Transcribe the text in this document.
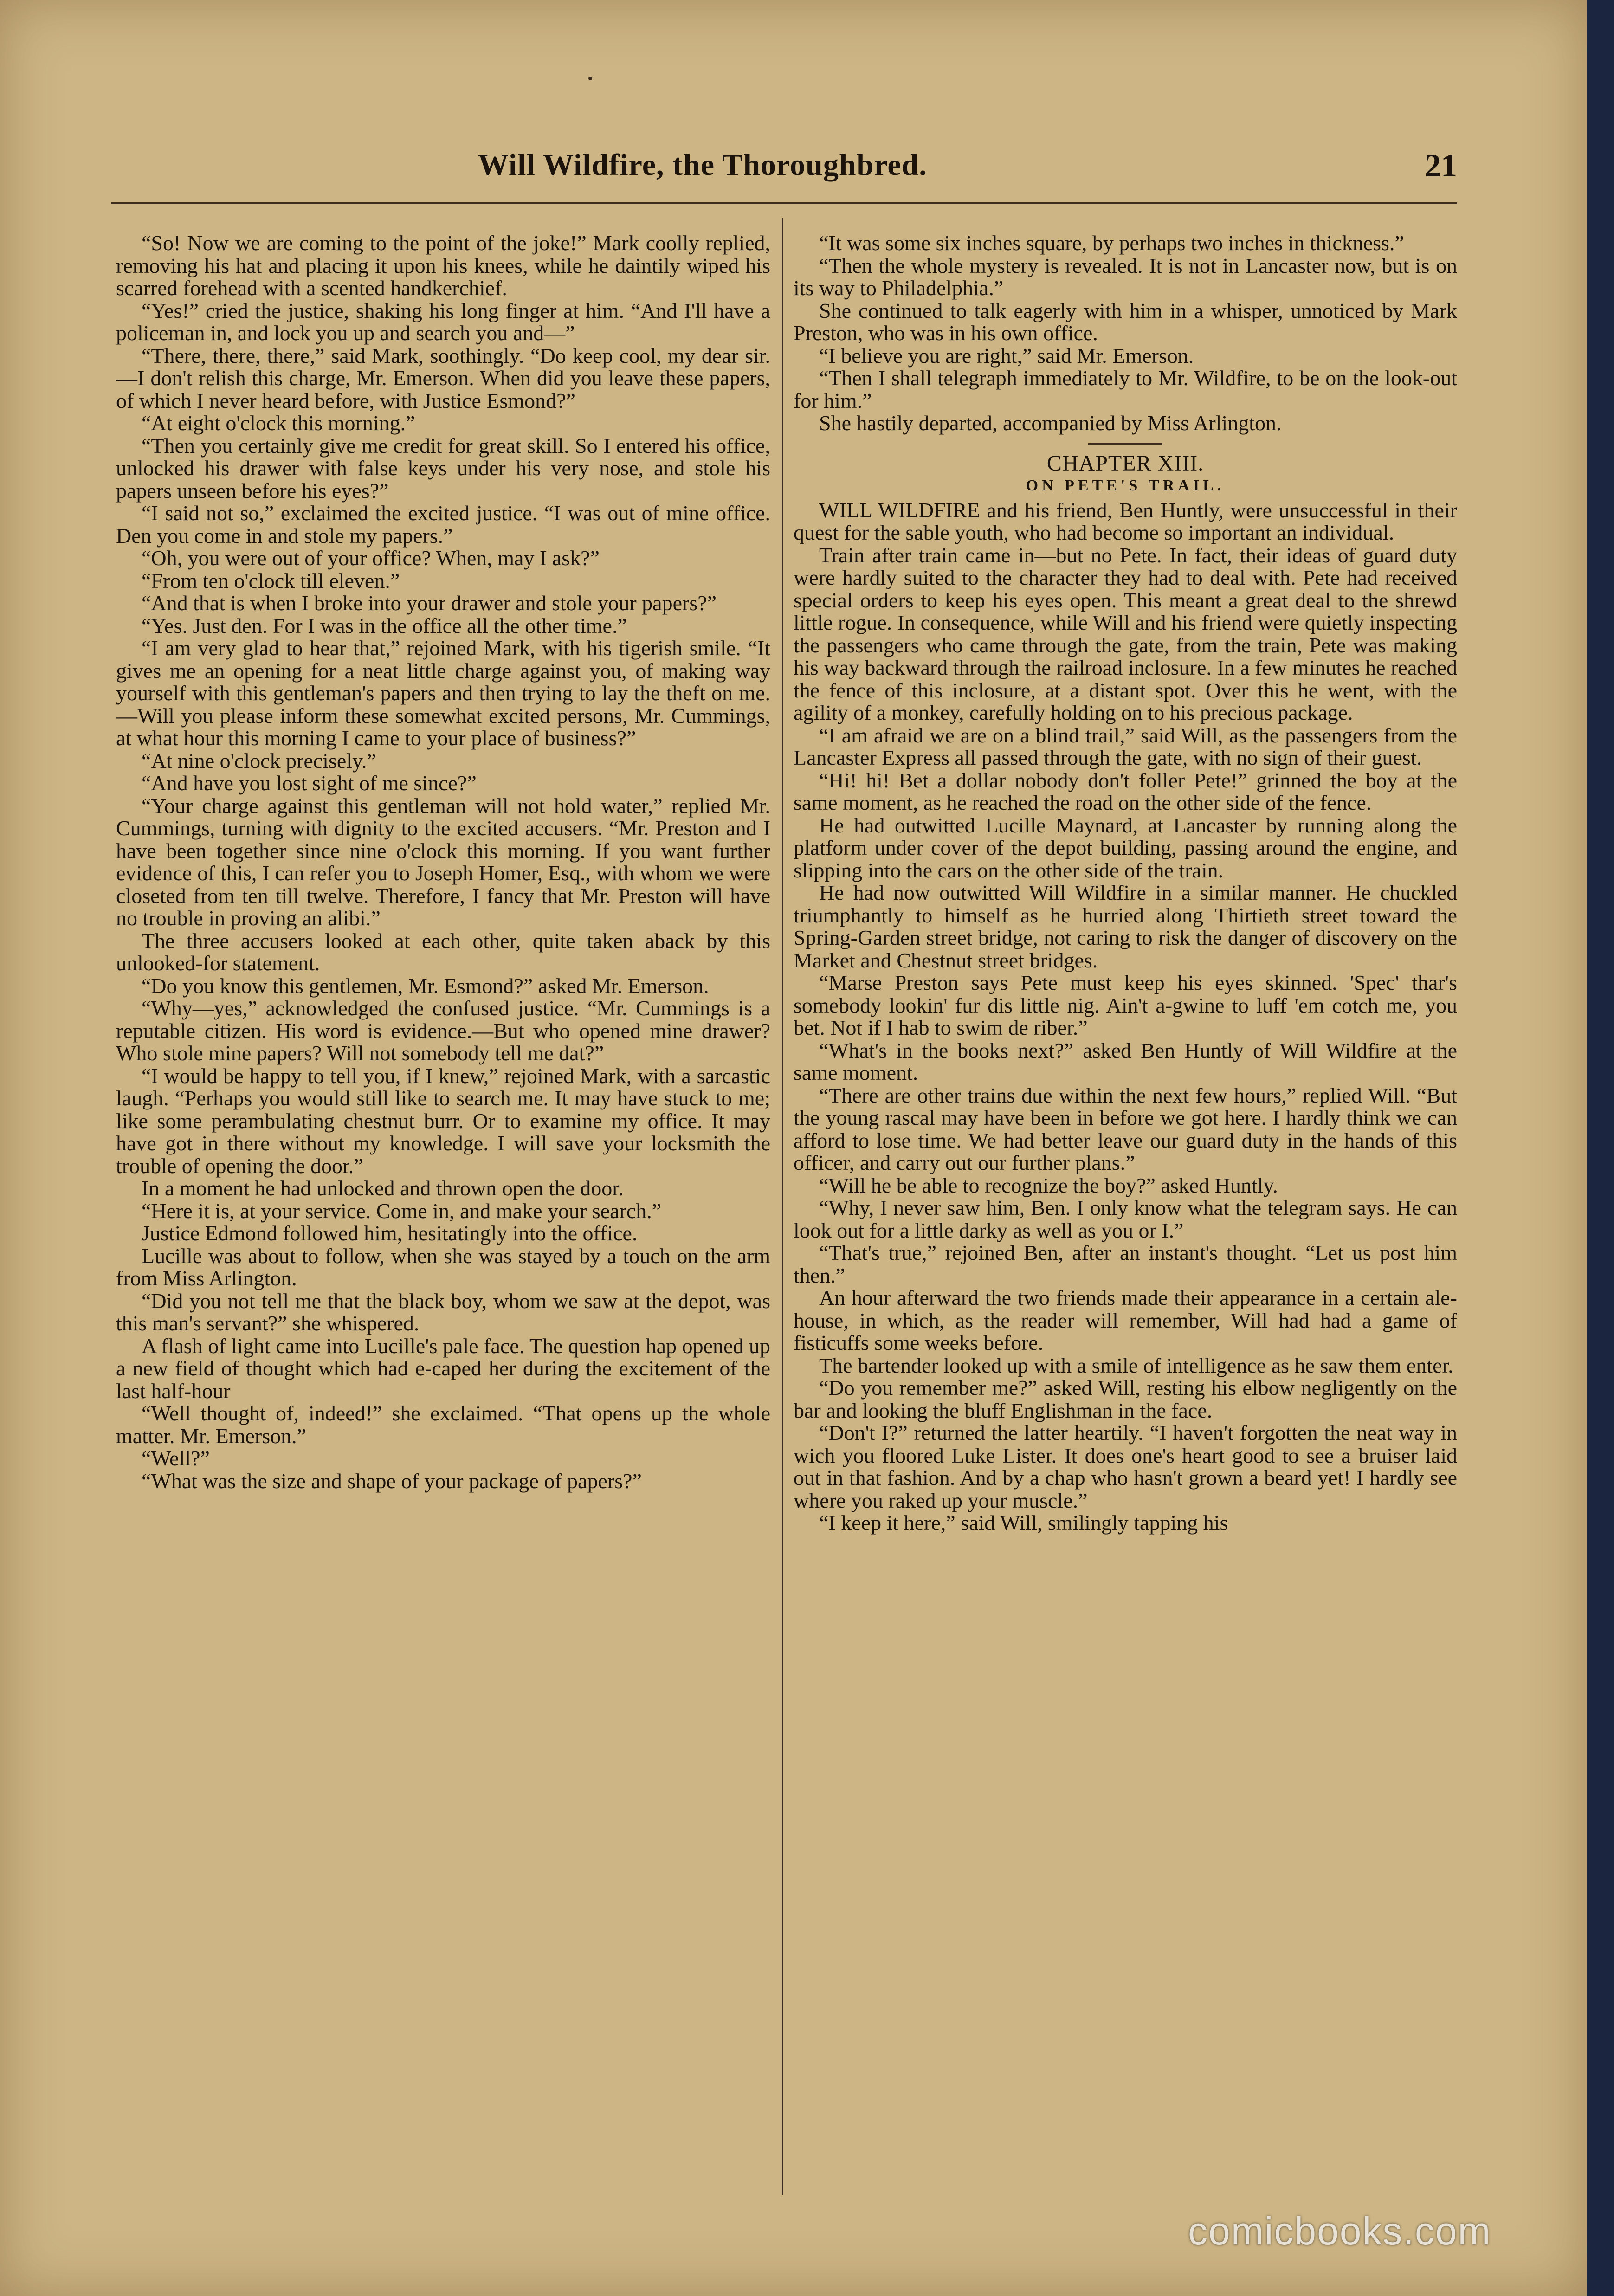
Will Wildfire, the Thoroughbred.	21

“So! Now we are coming to the point of the joke!” Mark coolly replied, removing his hat and placing it upon his knees, while he daintily wiped his scarred forehead with a scented handkerchief.

“Yes!” cried the justice, shaking his long finger at him. “And I'll have a policeman in, and lock you up and search you and—”

“There, there, there,” said Mark, soothingly. “Do keep cool, my dear sir.—I don't relish this charge, Mr. Emerson. When did you leave these papers, of which I never heard before, with Justice Esmond?”

“At eight o'clock this morning.”

“Then you certainly give me credit for great skill. So I entered his office, unlocked his drawer with false keys under his very nose, and stole his papers unseen before his eyes?”

“I said not so,” exclaimed the excited justice. “I was out of mine office. Den you come in and stole my papers.”

“Oh, you were out of your office? When, may I ask?”

“From ten o'clock till eleven.”

“And that is when I broke into your drawer and stole your papers?”

“Yes. Just den. For I was in the office all the other time.”

“I am very glad to hear that,” rejoined Mark, with his tigerish smile. “It gives me an opening for a neat little charge against you, of making way yourself with this gentleman's papers and then trying to lay the theft on me.—Will you please inform these somewhat excited persons, Mr. Cummings, at what hour this morning I came to your place of business?”

“At nine o'clock precisely.”

“And have you lost sight of me since?”

“Your charge against this gentleman will not hold water,” replied Mr. Cummings, turning with dignity to the excited accusers. “Mr. Preston and I have been together since nine o'clock this morning. If you want further evidence of this, I can refer you to Joseph Homer, Esq., with whom we were closeted from ten till twelve. Therefore, I fancy that Mr. Preston will have no trouble in proving an alibi.”

The three accusers looked at each other, quite taken aback by this unlooked-for statement.

“Do you know this gentlemen, Mr. Esmond?” asked Mr. Emerson.

“Why—yes,” acknowledged the confused justice. “Mr. Cummings is a reputable citizen. His word is evidence.—But who opened mine drawer? Who stole mine papers? Will not somebody tell me dat?”

“I would be happy to tell you, if I knew,” rejoined Mark, with a sarcastic laugh. “Perhaps you would still like to search me. It may have stuck to me; like some perambulating chestnut burr. Or to examine my office. It may have got in there without my knowledge. I will save your locksmith the trouble of opening the door.”

In a moment he had unlocked and thrown open the door.

“Here it is, at your service. Come in, and make your search.”

Justice Edmond followed him, hesitatingly into the office.

Lucille was about to follow, when she was stayed by a touch on the arm from Miss Arlington.

“Did you not tell me that the black boy, whom we saw at the depot, was this man's servant?” she whispered.

A flash of light came into Lucille's pale face. The question hap opened up a new field of thought which had e-caped her during the excitement of the last half-hour

“Well thought of, indeed!” she exclaimed. “That opens up the whole matter. Mr. Emerson.”

“Well?”

“What was the size and shape of your package of papers?”

“It was some six inches square, by perhaps two inches in thickness.”

“Then the whole mystery is revealed. It is not in Lancaster now, but is on its way to Philadelphia.”

She continued to talk eagerly with him in a whisper, unnoticed by Mark Preston, who was in his own office.

“I believe you are right,” said Mr. Emerson.

“Then I shall telegraph immediately to Mr. Wildfire, to be on the look-out for him.”

She hastily departed, accompanied by Miss Arlington.

CHAPTER XIII.

ON PETE'S TRAIL.

WILL WILDFIRE and his friend, Ben Huntly, were unsuccessful in their quest for the sable youth, who had become so important an individual.

Train after train came in—but no Pete. In fact, their ideas of guard duty were hardly suited to the character they had to deal with. Pete had received special orders to keep his eyes open. This meant a great deal to the shrewd little rogue. In consequence, while Will and his friend were quietly inspecting the passengers who came through the gate, from the train, Pete was making his way backward through the railroad inclosure. In a few minutes he reached the fence of this inclosure, at a distant spot. Over this he went, with the agility of a monkey, carefully holding on to his precious package.

“I am afraid we are on a blind trail,” said Will, as the passengers from the Lancaster Express all passed through the gate, with no sign of their guest.

“Hi! hi! Bet a dollar nobody don't foller Pete!” grinned the boy at the same moment, as he reached the road on the other side of the fence.

He had outwitted Lucille Maynard, at Lancaster by running along the platform under cover of the depot building, passing around the engine, and slipping into the cars on the other side of the train.

He had now outwitted Will Wildfire in a similar manner. He chuckled triumphantly to himself as he hurried along Thirtieth street toward the Spring-Garden street bridge, not caring to risk the danger of discovery on the Market and Chestnut street bridges.

“Marse Preston says Pete must keep his eyes skinned. 'Spec' thar's somebody lookin' fur dis little nig. Ain't a-gwine to luff 'em cotch me, you bet. Not if I hab to swim de riber.”

“What's in the books next?” asked Ben Huntly of Will Wildfire at the same moment.

“There are other trains due within the next few hours,” replied Will. “But the young rascal may have been in before we got here. I hardly think we can afford to lose time. We had better leave our guard duty in the hands of this officer, and carry out our further plans.”

“Will he be able to recognize the boy?” asked Huntly.

“Why, I never saw him, Ben. I only know what the telegram says. He can look out for a little darky as well as you or I.”

“That's true,” rejoined Ben, after an instant's thought. “Let us post him then.”

An hour afterward the two friends made their appearance in a certain ale-house, in which, as the reader will remember, Will had had a game of fisticuffs some weeks before.

The bartender looked up with a smile of intelligence as he saw them enter.

“Do you remember me?” asked Will, resting his elbow negligently on the bar and looking the bluff Englishman in the face.

“Don't I?” returned the latter heartily. “I haven't forgotten the neat way in wich you floored Luke Lister. It does one's heart good to see a bruiser laid out in that fashion. And by a chap who hasn't grown a beard yet! I hardly see where you raked up your muscle.”

“I keep it here,” said Will, smilingly tapping his

comicbooks.com
